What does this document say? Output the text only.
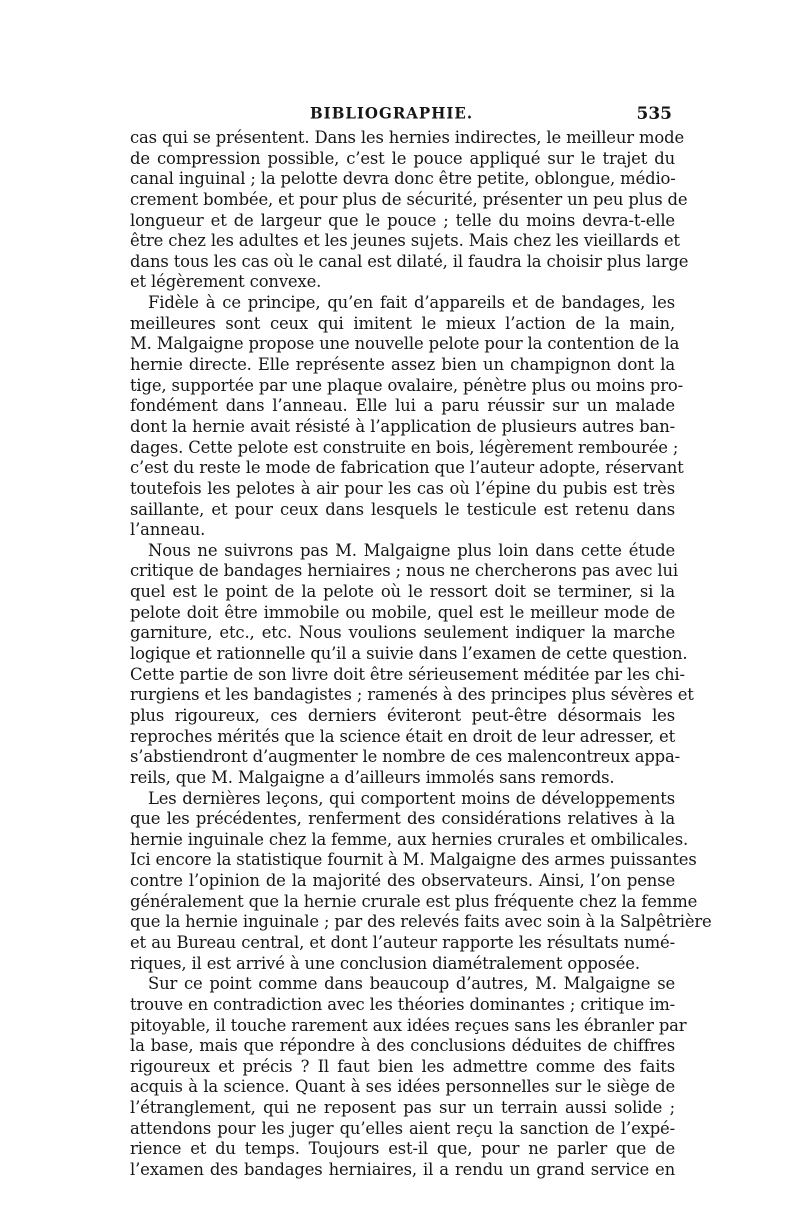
BIBLIOGRAPHIE.	535
cas qui se présentent. Dans les hernies indirectes, le meilleur mode
de compression possible, c’est le pouce appliqué sur le trajet du
canal inguinal ; la pelotte devra donc être petite, oblongue, médio-
crement bombée, et pour plus de sécurité, présenter un peu plus de
longueur et de largeur que le pouce ; telle du moins devra-t-elle
être chez les adultes et les jeunes sujets. Mais chez les vieillards et
dans tous les cas où le canal est dilaté, il faudra la choisir plus large
et légèrement convexe.
Fidèle à ce principe, qu’en fait d’appareils et de bandages, les
meilleures sont ceux qui imitent le mieux l’action de la main,
M. Malgaigne propose une nouvelle pelote pour la contention de la
hernie directe. Elle représente assez bien un champignon dont la
tige, supportée par une plaque ovalaire, pénètre plus ou moins pro-
fondément dans l’anneau. Elle lui a paru réussir sur un malade
dont la hernie avait résisté à l’application de plusieurs autres ban-
dages. Cette pelote est construite en bois, légèrement rembourée ;
c’est du reste le mode de fabrication que l’auteur adopte, réservant
toutefois les pelotes à air pour les cas où l’épine du pubis est très
saillante, et pour ceux dans lesquels le testicule est retenu dans
l’anneau.
Nous ne suivrons pas M. Malgaigne plus loin dans cette étude
critique de bandages herniaires ; nous ne chercherons pas avec lui
quel est le point de la pelote où le ressort doit se terminer, si la
pelote doit être immobile ou mobile, quel est le meilleur mode de
garniture, etc., etc. Nous voulions seulement indiquer la marche
logique et rationnelle qu’il a suivie dans l’examen de cette question.
Cette partie de son livre doit être sérieusement méditée par les chi-
rurgiens et les bandagistes ; ramenés à des principes plus sévères et
plus rigoureux, ces derniers éviteront peut-être désormais les
reproches mérités que la science était en droit de leur adresser, et
s’abstiendront d’augmenter le nombre de ces malencontreux appa-
reils, que M. Malgaigne a d’ailleurs immolés sans remords.
Les dernières leçons, qui comportent moins de développements
que les précédentes, renferment des considérations relatives à la
hernie inguinale chez la femme, aux hernies crurales et ombilicales.
Ici encore la statistique fournit à M. Malgaigne des armes puissantes
contre l’opinion de la majorité des observateurs. Ainsi, l’on pense
généralement que la hernie crurale est plus fréquente chez la femme
que la hernie inguinale ; par des relevés faits avec soin à la Salpêtrière
et au Bureau central, et dont l’auteur rapporte les résultats numé-
riques, il est arrivé à une conclusion diamétralement opposée.
Sur ce point comme dans beaucoup d’autres, M. Malgaigne se
trouve en contradiction avec les théories dominantes ; critique im-
pitoyable, il touche rarement aux idées reçues sans les ébranler par
la base, mais que répondre à des conclusions déduites de chiffres
rigoureux et précis ? Il faut bien les admettre comme des faits
acquis à la science. Quant à ses idées personnelles sur le siège de
l’étranglement, qui ne reposent pas sur un terrain aussi solide ;
attendons pour les juger qu’elles aient reçu la sanction de l’expé-
rience et du temps. Toujours est-il que, pour ne parler que de
l’examen des bandages herniaires, il a rendu un grand service en
